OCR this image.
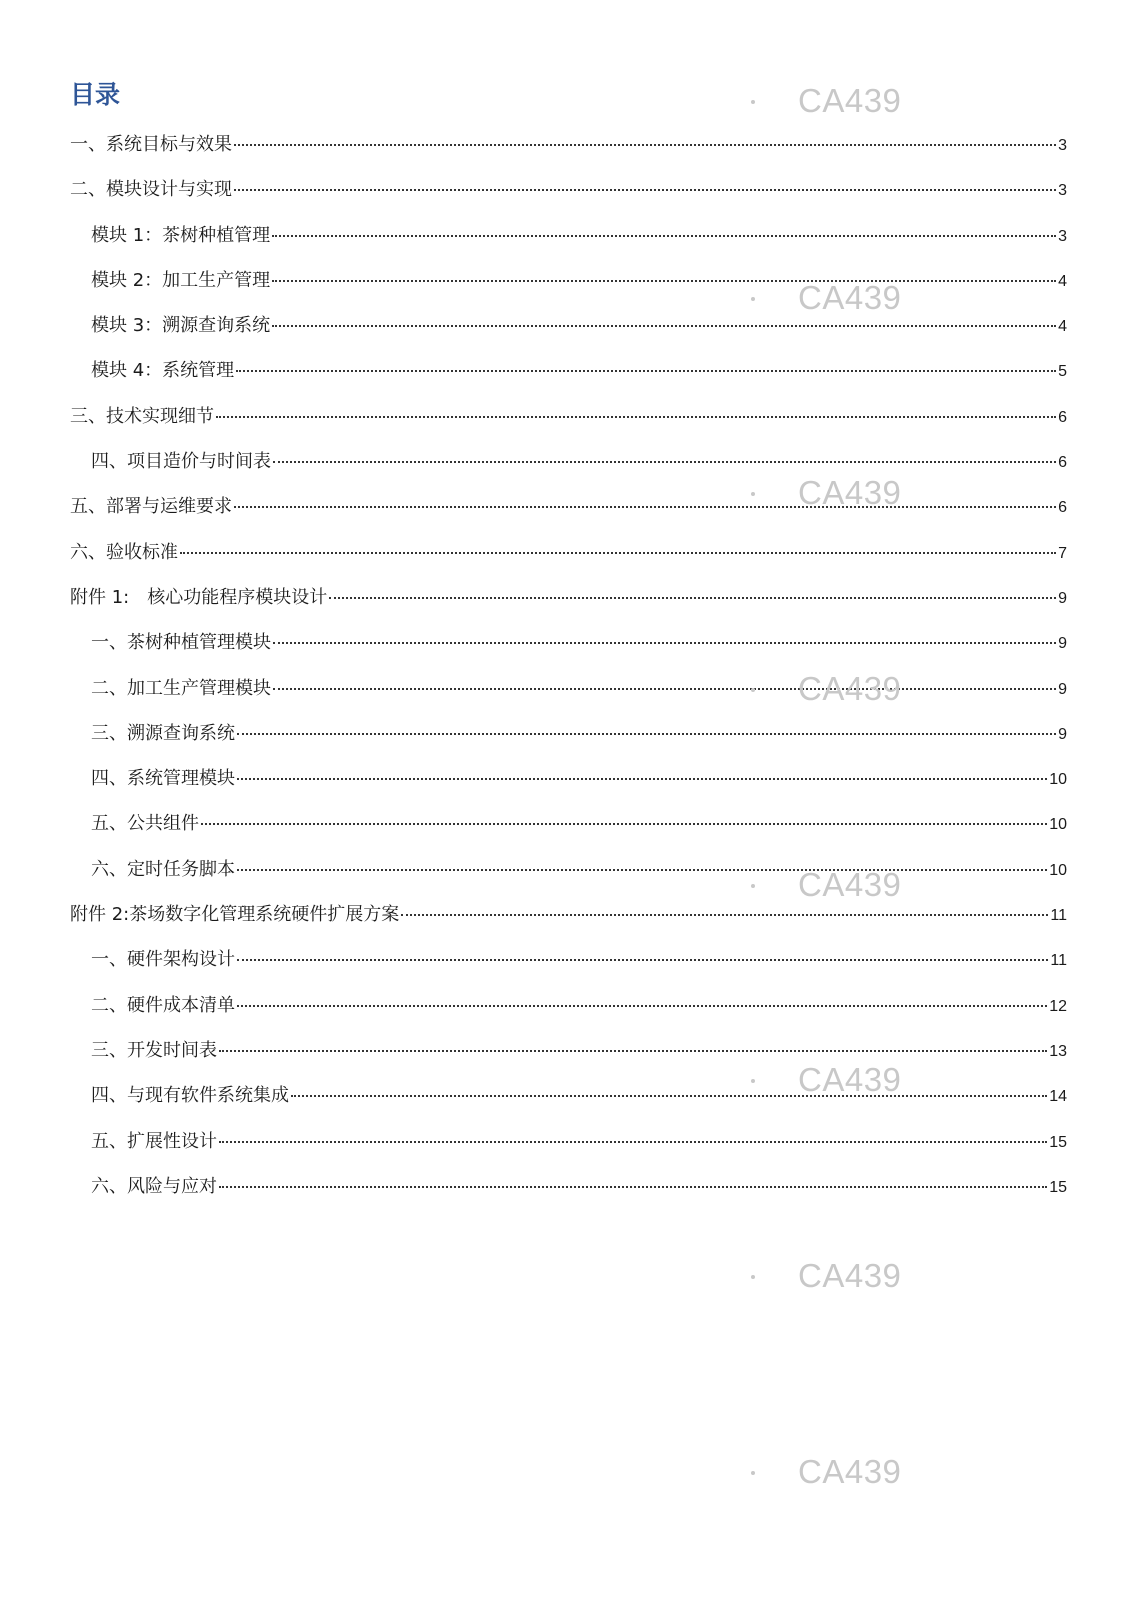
目录
一、系统目标与效果	3
二、模块设计与实现	3
模块 1：茶树种植管理	3
模块 2：加工生产管理	4
模块 3：溯源查询系统	4
模块 4：系统管理	5
三、技术实现细节	6
四、项目造价与时间表	6
五、部署与运维要求	6
六、验收标准	7
附件 1:　核心功能程序模块设计	9
一、茶树种植管理模块	9
二、加工生产管理模块	9
三、溯源查询系统	9
四、系统管理模块	10
五、公共组件	10
六、定时任务脚本	10
附件 2:茶场数字化管理系统硬件扩展方案	11
一、硬件架构设计	11
二、硬件成本清单	12
三、开发时间表	13
四、与现有软件系统集成	14
五、扩展性设计	15
六、风险与应对	15
CA439
CA439
CA439
CA439
CA439
CA439
CA439
CA439
